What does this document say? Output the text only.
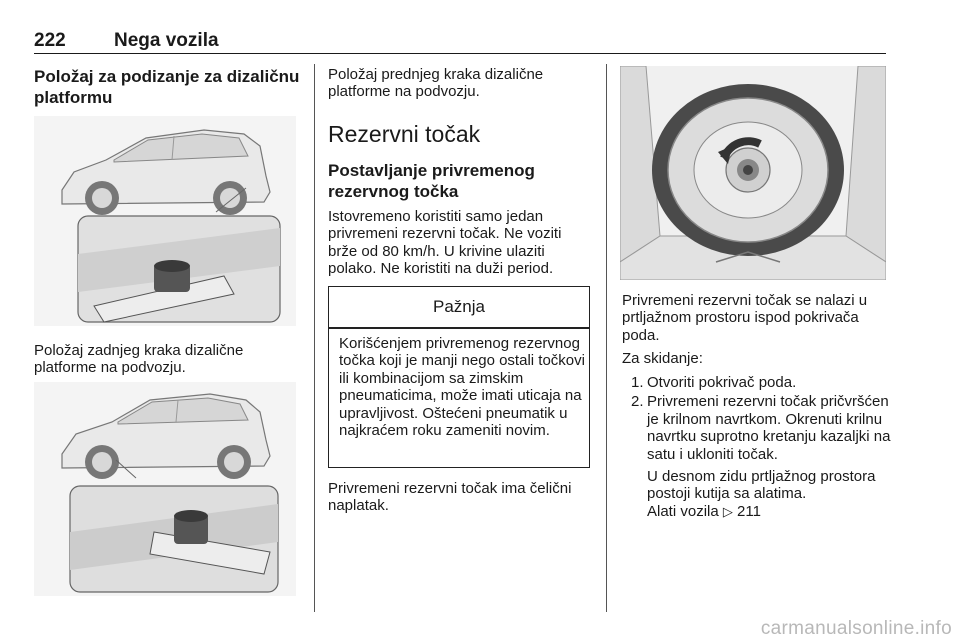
222	Nega vozila
Položaj za podizanje za dizaličnu platformu
Položaj zadnjeg kraka dizalične platforme na podvozju.
Položaj prednjeg kraka dizalične platforme na podvozju.
Rezervni točak
Postavljanje privremenog rezervnog točka
Istovremeno koristiti samo jedan privremeni rezervni točak. Ne voziti brže od 80 km/h. U krivine ulaziti polako. Ne koristiti na duži period.
Pažnja
Korišćenjem privremenog rezervnog točka koji je manji nego ostali točkovi ili kombinacijom sa zimskim pneumaticima, može imati uticaja na upravljivost. Oštećeni pneumatik u najkraćem roku zameniti novim.
Privremeni rezervni točak ima čelični naplatak.
Privremeni rezervni točak se nalazi u prtljažnom prostoru ispod pokrivača poda.
Za skidanje:
1. Otvoriti pokrivač poda.
2. Privremeni rezervni točak pričvršćen je krilnom navrtkom. Okrenuti krilnu navrtku suprotno kretanju kazaljki na satu i ukloniti točak.
U desnom zidu prtljažnog prostora postoji kutija sa alatima.
Alati vozila ▷ 211
carmanualsonline.info
